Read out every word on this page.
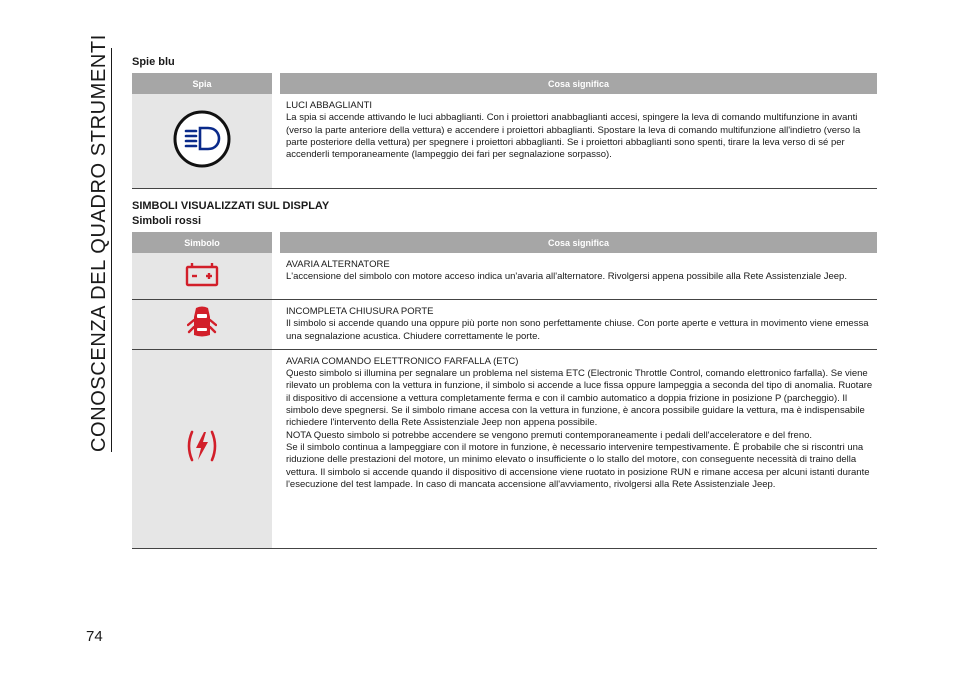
CONOSCENZA DEL QUADRO STRUMENTI	Spie blu
Spia		Cosa significa

LUCI ABBAGLIANTI
La spia si accende attivando le luci abbaglianti. Con i proiettori anabbaglianti accesi, spingere la leva di comando multifunzione in avanti (verso la parte anteriore della vettura) e accendere i proiettori abbaglianti. Spostare la leva di comando multifunzione all'indietro (verso la parte posteriore della vettura) per spegnere i proiettori abbaglianti. Se i proiettori abbaglianti sono spenti, tirare la leva verso di sé per accenderli temporaneamente (lampeggio dei fari per segnalazione sorpasso).
SIMBOLI VISUALIZZATI SUL DISPLAY
Simboli rossi
Simbolo		Cosa significa

AVARIA ALTERNATORE
L'accensione del simbolo con motore acceso indica un'avaria all'alternatore. Rivolgersi appena possibile alla Rete Assistenziale Jeep.

INCOMPLETA CHIUSURA PORTE
Il simbolo si accende quando una oppure più porte non sono perfettamente chiuse. Con porte aperte e vettura in movimento viene emessa una segnalazione acustica. Chiudere correttamente le porte.

AVARIA COMANDO ELETTRONICO FARFALLA (ETC)
Questo simbolo si illumina per segnalare un problema nel sistema ETC (Electronic Throttle Control, comando elettronico farfalla). Se viene rilevato un problema con la vettura in funzione, il simbolo si accende a luce fissa oppure lampeggia a seconda del tipo di anomalia. Ruotare il dispositivo di accensione a vettura completamente ferma e con il cambio automatico a doppia frizione in posizione P (parcheggio). Il simbolo deve spegnersi. Se il simbolo rimane accesa con la vettura in funzione, è ancora possibile guidare la vettura, ma è indispensabile richiedere l'intervento della Rete Assistenziale Jeep non appena possibile.
NOTA Questo simbolo si potrebbe accendere se vengono premuti contemporaneamente i pedali dell'acceleratore e del freno.
Se il simbolo continua a lampeggiare con il motore in funzione, è necessario intervenire tempestivamente. È probabile che si riscontri una riduzione delle prestazioni del motore, un minimo elevato o insufficiente o lo stallo del motore, con conseguente necessità di traino della vettura. Il simbolo si accende quando il dispositivo di accensione viene ruotato in posizione RUN e rimane accesa per alcuni istanti durante l'esecuzione del test lampade. In caso di mancata accensione all'avviamento, rivolgersi alla Rete Assistenziale Jeep.
74
